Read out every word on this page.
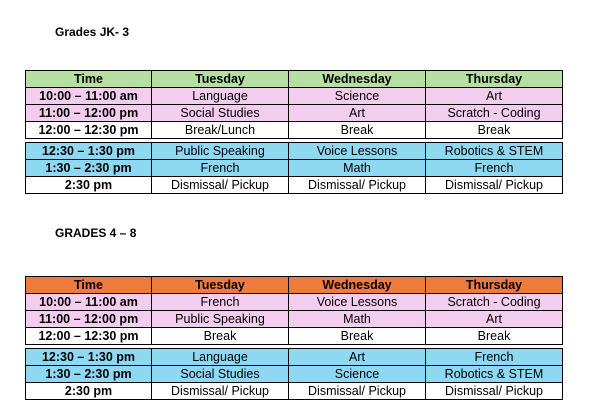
Grades JK- 3
Time	Tuesday	Wednesday	Thursday
10:00 – 11:00 am	Language	Science	Art
11:00 – 12:00 pm	Social Studies	Art	Scratch - Coding
12:00 – 12:30 pm	Break/Lunch	Break	Break

12:30 – 1:30 pm	Public Speaking	Voice Lessons	Robotics & STEM
1:30 – 2:30 pm	French	Math	French
2:30 pm	Dismissal/ Pickup	Dismissal/ Pickup	Dismissal/ Pickup
GRADES 4 – 8
Time	Tuesday	Wednesday	Thursday
10:00 – 11:00 am	French	Voice Lessons	Scratch - Coding
11:00 – 12:00 pm	Public Speaking	Math	Art
12:00 – 12:30 pm	Break	Break	Break

12:30 – 1:30 pm	Language	Art	French
1:30 – 2:30 pm	Social Studies	Science	Robotics & STEM
2:30 pm	Dismissal/ Pickup	Dismissal/ Pickup	Dismissal/ Pickup
